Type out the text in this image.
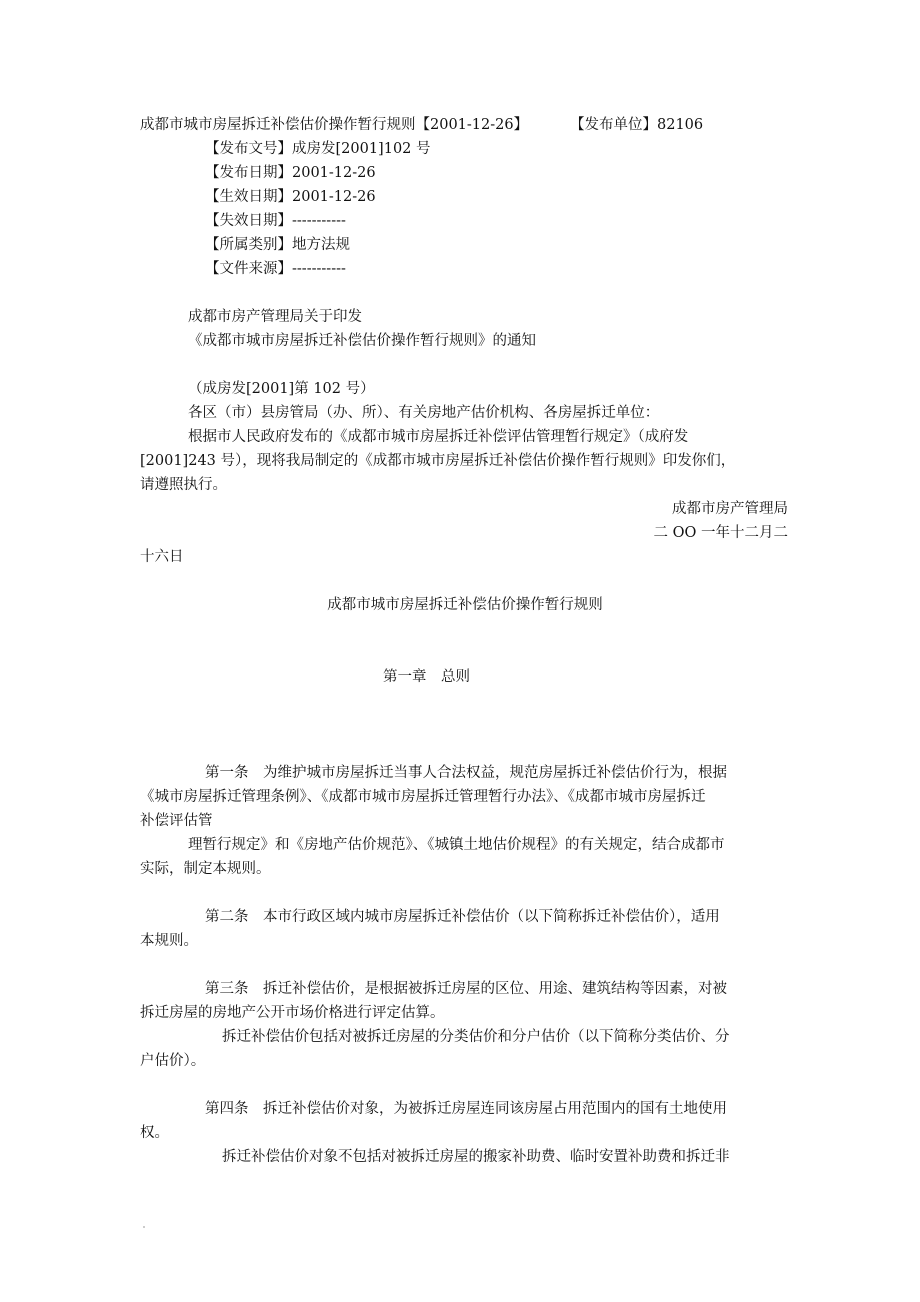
成都市城市房屋拆迁补偿估价操作暂行规则【2001-12-26】	【发布单位】82106
【发布文号】成房发[2001]102 号
【发布日期】2001-12-26
【生效日期】2001-12-26
【失效日期】-----------
【所属类别】地方法规
【文件来源】-----------
成都市房产管理局关于印发
《成都市城市房屋拆迁补偿估价操作暂行规则》的通知
（成房发[2001]第 102 号）
各区（市）县房管局（办、所）、有关房地产估价机构、各房屋拆迁单位：
根据市人民政府发布的《成都市城市房屋拆迁补偿评估管理暂行规定》（成府发
[2001]243 号），现将我局制定的《成都市城市房屋拆迁补偿估价操作暂行规则》印发你们，
请遵照执行。
成都市房产管理局
二 OO 一年十二月二
十六日
成都市城市房屋拆迁补偿估价操作暂行规则
第一章　总则
第一条　为维护城市房屋拆迁当事人合法权益，规范房屋拆迁补偿估价行为，根据
《城市房屋拆迁管理条例》、《成都市城市房屋拆迁管理暂行办法》、《成都市城市房屋拆迁
补偿评估管
理暂行规定》和《房地产估价规范》、《城镇土地估价规程》的有关规定，结合成都市
实际，制定本规则。
第二条　本市行政区域内城市房屋拆迁补偿估价（以下简称拆迁补偿估价），适用
本规则。
第三条　拆迁补偿估价，是根据被拆迁房屋的区位、用途、建筑结构等因素，对被
拆迁房屋的房地产公开市场价格进行评定估算。
拆迁补偿估价包括对被拆迁房屋的分类估价和分户估价（以下简称分类估价、分
户估价）。
第四条　拆迁补偿估价对象，为被拆迁房屋连同该房屋占用范围内的国有土地使用
权。
拆迁补偿估价对象不包括对被拆迁房屋的搬家补助费、临时安置补助费和拆迁非
